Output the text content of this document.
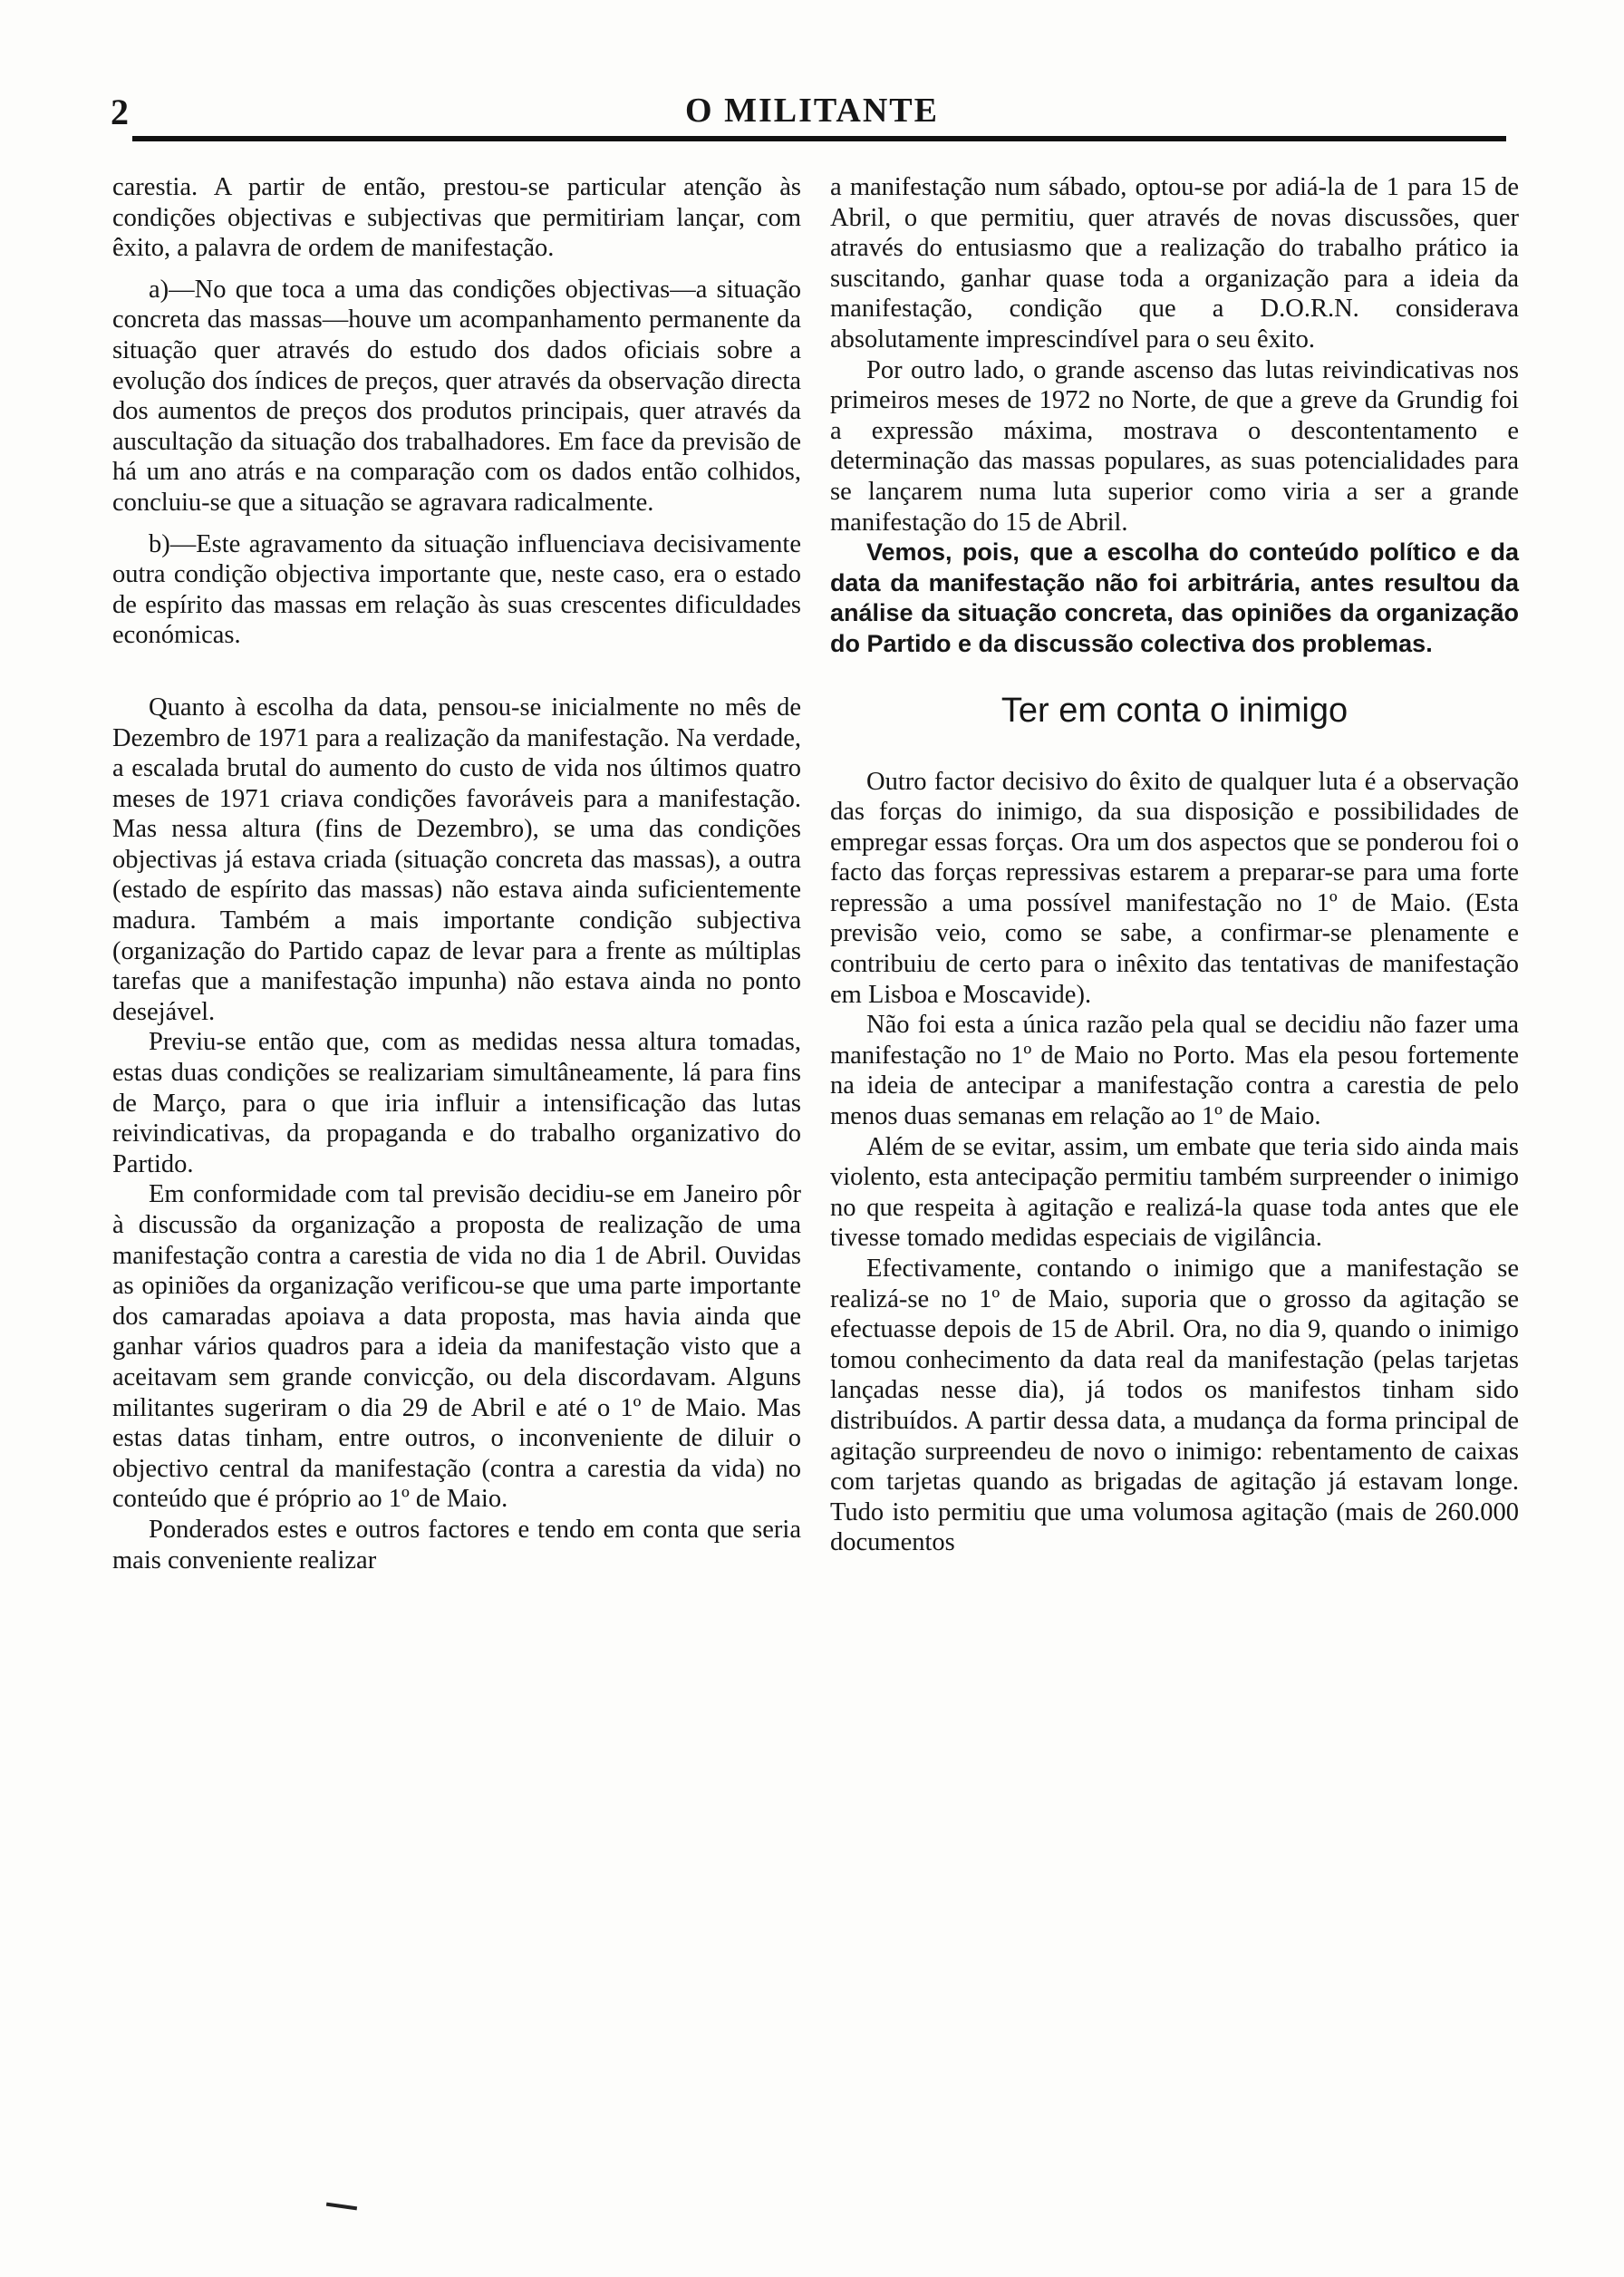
2	O MILITANTE

carestia. A partir de então, prestou-se particular atenção às condições objectivas e subjectivas que permitiriam lançar, com êxito, a palavra de ordem de manifestação.

a)—No que toca a uma das condições objectivas—a situação concreta das massas—houve um acompanhamento permanente da situação quer através do estudo dos dados oficiais sobre a evolução dos índices de preços, quer através da observação directa dos aumentos de preços dos produtos principais, quer através da auscultação da situação dos trabalhadores. Em face da previsão de há um ano atrás e na comparação com os dados então colhidos, concluiu-se que a situação se agravara radicalmente.

b)—Este agravamento da situação influenciava decisivamente outra condição objectiva importante que, neste caso, era o estado de espírito das massas em relação às suas crescentes dificuldades económicas.

Quanto à escolha da data, pensou-se inicialmente no mês de Dezembro de 1971 para a realização da manifestação. Na verdade, a escalada brutal do aumento do custo de vida nos últimos quatro meses de 1971 criava condições favoráveis para a manifestação. Mas nessa altura (fins de Dezembro), se uma das condições objectivas já estava criada (situação concreta das massas), a outra (estado de espírito das massas) não estava ainda suficientemente madura. Também a mais importante condição subjectiva (organização do Partido capaz de levar para a frente as múltiplas tarefas que a manifestação impunha) não estava ainda no ponto desejável.

Previu-se então que, com as medidas nessa altura tomadas, estas duas condições se realizariam simultâneamente, lá para fins de Março, para o que iria influir a intensificação das lutas reivindicativas, da propaganda e do trabalho organizativo do Partido.

Em conformidade com tal previsão decidiu-se em Janeiro pôr à discussão da organização a proposta de realização de uma manifestação contra a carestia de vida no dia 1 de Abril. Ouvidas as opiniões da organização verificou-se que uma parte importante dos camaradas apoiava a data proposta, mas havia ainda que ganhar vários quadros para a ideia da manifestação visto que a aceitavam sem grande convicção, ou dela discordavam. Alguns militantes sugeriram o dia 29 de Abril e até o 1º de Maio. Mas estas datas tinham, entre outros, o inconveniente de diluir o objectivo central da manifestação (contra a carestia da vida) no conteúdo que é próprio ao 1º de Maio.

Ponderados estes e outros factores e tendo em conta que seria mais conveniente realizar

a manifestação num sábado, optou-se por adiá-la de 1 para 15 de Abril, o que permitiu, quer através de novas discussões, quer através do entusiasmo que a realização do trabalho prático ia suscitando, ganhar quase toda a organização para a ideia da manifestação, condição que a D.O.R.N. considerava absolutamente imprescindível para o seu êxito.

Por outro lado, o grande ascenso das lutas reivindicativas nos primeiros meses de 1972 no Norte, de que a greve da Grundig foi a expressão máxima, mostrava o descontentamento e determinação das massas populares, as suas potencialidades para se lançarem numa luta superior como viria a ser a grande manifestação do 15 de Abril.

Vemos, pois, que a escolha do conteúdo político e da data da manifestação não foi arbitrária, antes resultou da análise da situação concreta, das opiniões da organização do Partido e da discussão colectiva dos problemas.

Ter em conta o inimigo

Outro factor decisivo do êxito de qualquer luta é a observação das forças do inimigo, da sua disposição e possibilidades de empregar essas forças. Ora um dos aspectos que se ponderou foi o facto das forças repressivas estarem a preparar-se para uma forte repressão a uma possível manifestação no 1º de Maio. (Esta previsão veio, como se sabe, a confirmar-se plenamente e contribuiu de certo para o inêxito das tentativas de manifestação em Lisboa e Moscavide).

Não foi esta a única razão pela qual se decidiu não fazer uma manifestação no 1º de Maio no Porto. Mas ela pesou fortemente na ideia de antecipar a manifestação contra a carestia de pelo menos duas semanas em relação ao 1º de Maio.

Além de se evitar, assim, um embate que teria sido ainda mais violento, esta antecipação permitiu também surpreender o inimigo no que respeita à agitação e realizá-la quase toda antes que ele tivesse tomado medidas especiais de vigilância.

Efectivamente, contando o inimigo que a manifestação se realizá-se no 1º de Maio, suporia que o grosso da agitação se efectuasse depois de 15 de Abril. Ora, no dia 9, quando o inimigo tomou conhecimento da data real da manifestação (pelas tarjetas lançadas nesse dia), já todos os manifestos tinham sido distribuídos. A partir dessa data, a mudança da forma principal de agitação surpreendeu de novo o inimigo: rebentamento de caixas com tarjetas quando as brigadas de agitação já estavam longe. Tudo isto permitiu que uma volumosa agitação (mais de 260.000 documentos
